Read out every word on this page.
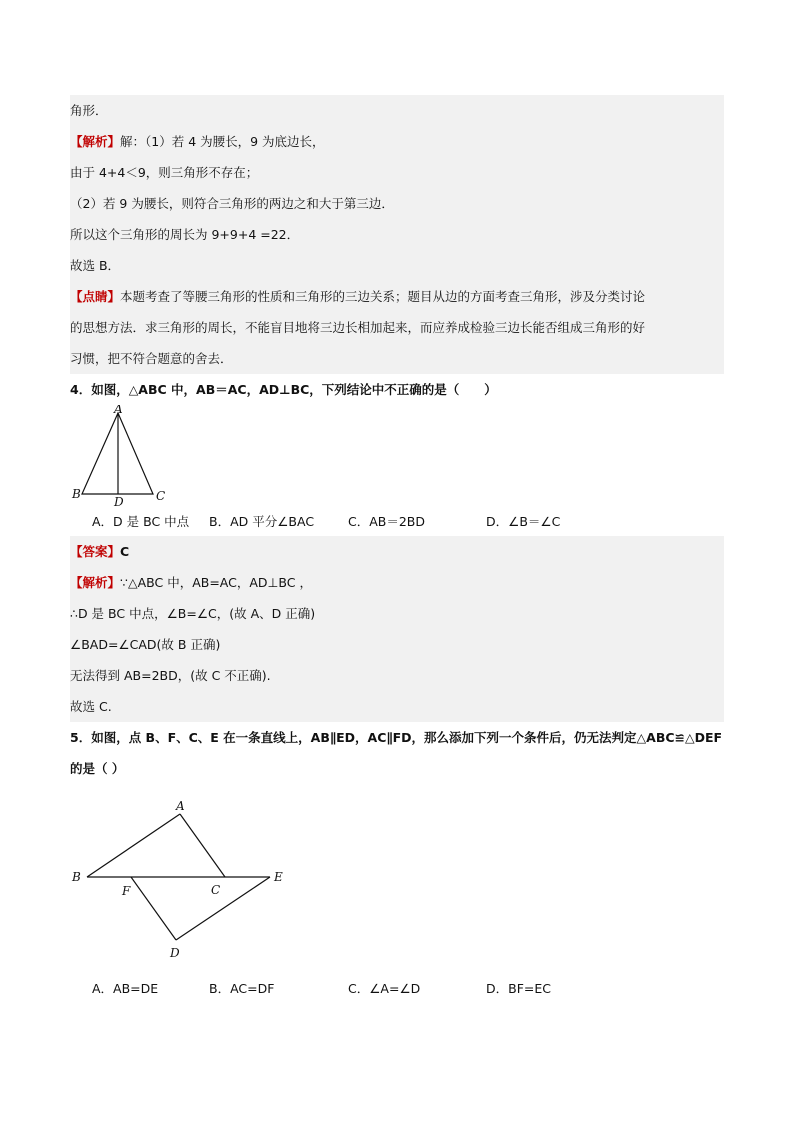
角形．
【解析】解：（1）若 4 为腰长，9 为底边长，
由于 4+4＜9，则三角形不存在；
（2）若 9 为腰长，则符合三角形的两边之和大于第三边．
所以这个三角形的周长为 9+9+4 =22．
故选 B．
【点睛】本题考查了等腰三角形的性质和三角形的三边关系；题目从边的方面考查三角形，涉及分类讨论
的思想方法．求三角形的周长，不能盲目地将三边长相加起来，而应养成检验三边长能否组成三角形的好
习惯，把不符合题意的舍去．
4．如图，△ABC 中，AB＝AC，AD⊥BC，下列结论中不正确的是（　　）
A
B	C
D
A．D 是 BC 中点 B．AD 平分∠BAC	C．AB＝2BD	D．∠B＝∠C
【答案】C
【解析】∵△ABC 中，AB=AC，AD⊥BC ，
∴D 是 BC 中点，∠B=∠C，(故 A、D 正确)
∠BAD=∠CAD(故 B 正确)
无法得到 AB=2BD，(故 C 不正确).
故选 C.
5．如图，点 B、F、C、E 在一条直线上，AB∥ED，AC∥FD，那么添加下列一个条件后，仍无法判定△ABC≌△DEF
的是（ ）
A
B
F	C
E
D
A．AB=DE	B．AC=DF	C．∠A=∠D	D．BF=EC
